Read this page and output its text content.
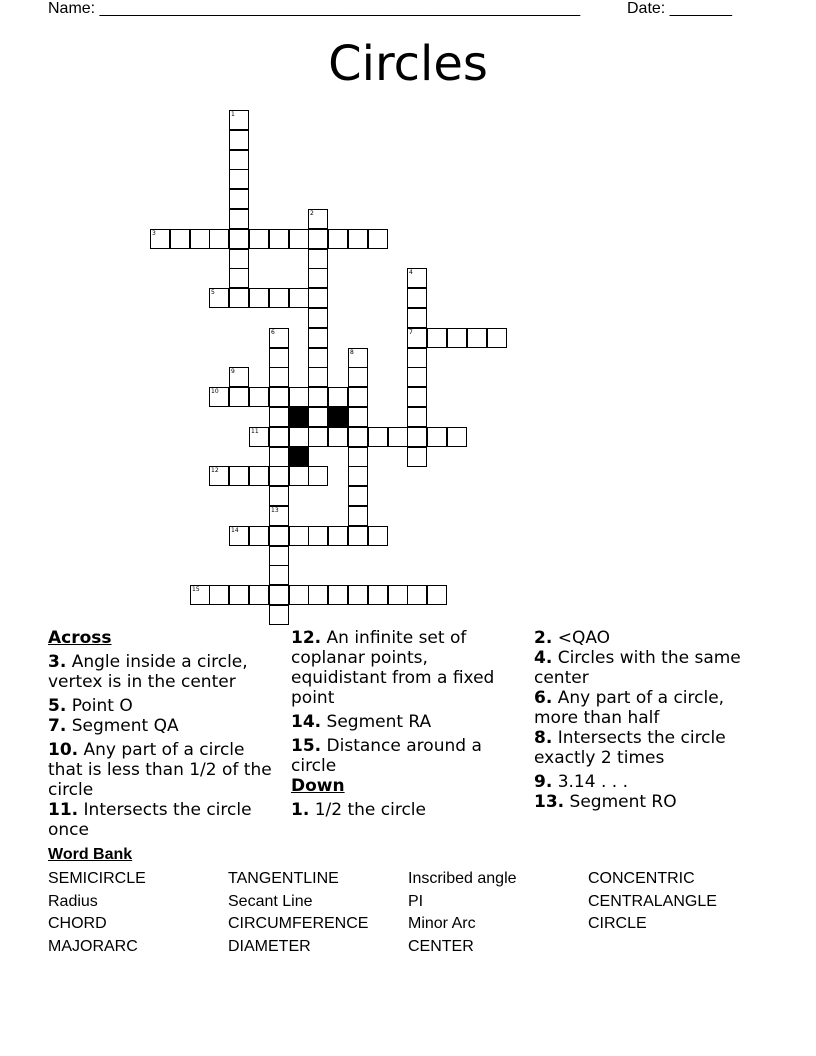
Name: ______________________________________________________	Date: _______
Circles
1
2
3
4
7
5
6
13
8
9
10
11
12
14
15
Across
3. Angle inside a circle, vertex is in the center
5. Point O
7. Segment QA
10. Any part of a circle that is less than 1/2 of the circle
11. Intersects the circle once
12. An infinite set of coplanar points, equidistant from a fixed point
14. Segment RA
15. Distance around a circle
Down
1. 1/2 the circle
2. <QAO
4. Circles with the same center
6. Any part of a circle, more than half
8. Intersects the circle exactly 2 times
9. 3.14 . . .
13. Segment RO
Word Bank
SEMICIRCLE	TANGENTLINE	Inscribed angle	CONCENTRIC
Radius	Secant Line	PI	CENTRALANGLE
CHORD	CIRCUMFERENCE	Minor Arc	CIRCLE
MAJORARC	DIAMETER	CENTER
